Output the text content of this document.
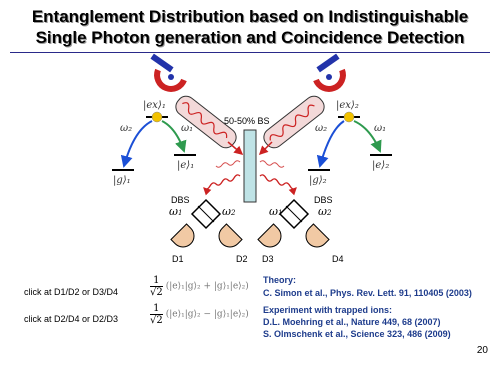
Entanglement Distribution based on Indistinguishable
Single Photon generation and Coincidence Detection
50-50% BS
|ex⟩₁
|g⟩₁
|e⟩₁
ω₂	ω₁
|ex⟩₂
|g⟩₂
|e⟩₂
ω₂	ω₁
DBS	DBS
ω1	ω2	ω1	ω2
D1	D2 D3	D4
click at D1/D2 or D3/D4
click at D2/D4 or D2/D3
$\frac{1}{√2}$ (|e⟩₁|g⟩₂ + |g⟩₁|e⟩₂)
$\frac{1}{√2}$ (|e⟩₁|g⟩₂ − |g⟩₁|e⟩₂)
Theory:
C. Simon et al., Phys. Rev. Lett. 91, 110405 (2003)
Experiment with trapped ions:
D.L. Moehring et al., Nature 449, 68 (2007)
S. Olmschenk et al., Science 323, 486 (2009)
20
